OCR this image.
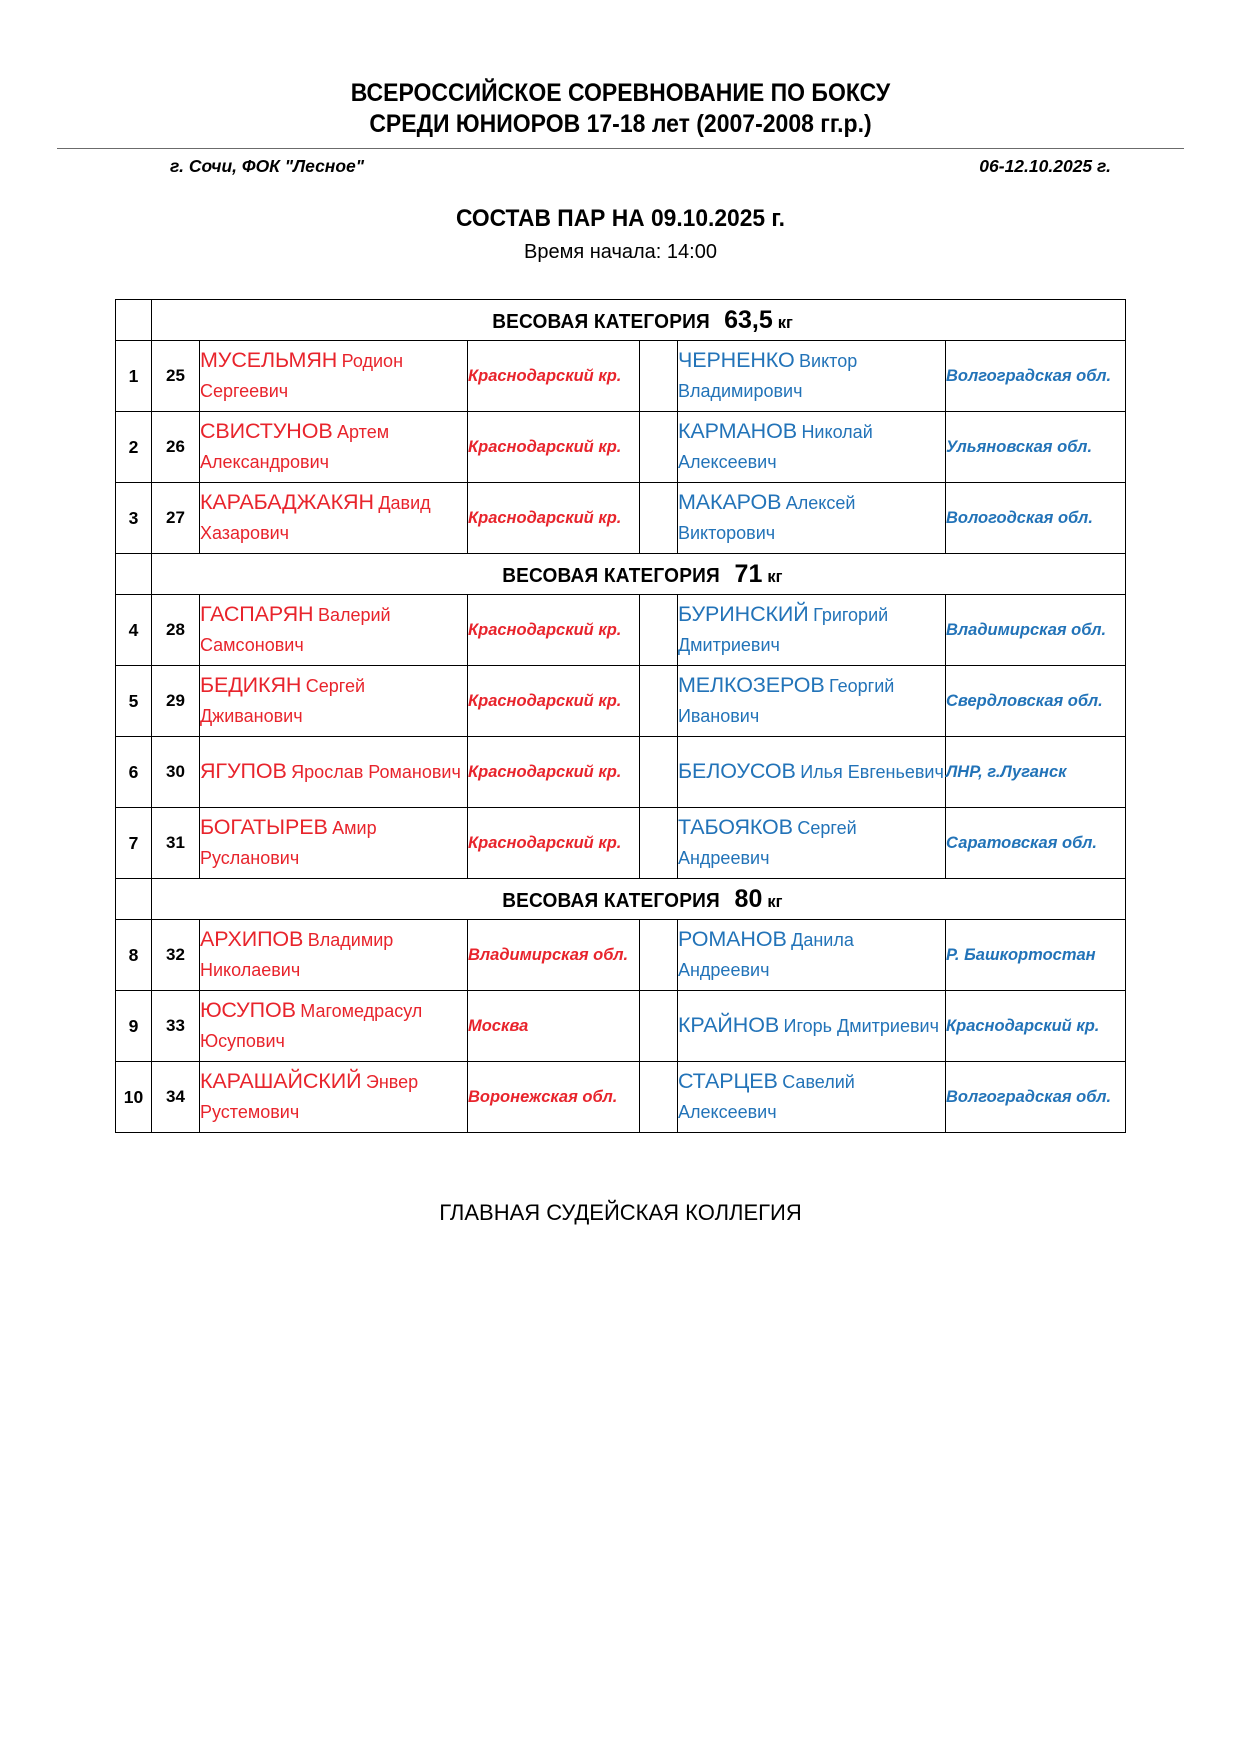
ВСЕРОССИЙСКОЕ СОРЕВНОВАНИЕ ПО БОКСУ
СРЕДИ ЮНИОРОВ 17-18 лет (2007-2008 гг.р.)
г. Сочи, ФОК "Лесное"	06-12.10.2025 г.
СОСТАВ ПАР НА 09.10.2025 г.
Время начала: 14:00
	ВЕСОВАЯ КАТЕГОРИЯ 63,5 кг					
1	25	МУСЕЛЬМЯН Родион Сергеевич	Краснодарский кр.		ЧЕРНЕНКО Виктор Владимирович	Волгоградская обл.
2	26	СВИСТУНОВ Артем Александрович	Краснодарский кр.		КАРМАНОВ Николай Алексеевич	Ульяновская обл.
3	27	КАРАБАДЖАКЯН Давид Хазарович	Краснодарский кр.		МАКАРОВ Алексей Викторович	Вологодская обл.
	ВЕСОВАЯ КАТЕГОРИЯ 71 кг					
4	28	ГАСПАРЯН Валерий Самсонович	Краснодарский кр.		БУРИНСКИЙ Григорий Дмитриевич	Владимирская обл.
5	29	БЕДИКЯН Сергей Дживанович	Краснодарский кр.		МЕЛКОЗЕРОВ Георгий Иванович	Свердловская обл.
6	30	ЯГУПОВ Ярослав Романович	Краснодарский кр.		БЕЛОУСОВ Илья Евгеньевич	ЛНР, г.Луганск
7	31	БОГАТЫРЕВ Амир Русланович	Краснодарский кр.		ТАБОЯКОВ Сергей Андреевич	Саратовская обл.
	ВЕСОВАЯ КАТЕГОРИЯ 80 кг					
8	32	АРХИПОВ Владимир Николаевич	Владимирская обл.		РОМАНОВ Данила Андреевич	Р. Башкортостан
9	33	ЮСУПОВ Магомедрасул Юсупович	Москва		КРАЙНОВ Игорь Дмитриевич	Краснодарский кр.
10	34	КАРАШАЙСКИЙ Энвер Рустемович	Воронежская обл.		СТАРЦЕВ Савелий Алексеевич	Волгоградская обл.
ГЛАВНАЯ СУДЕЙСКАЯ КОЛЛЕГИЯ
